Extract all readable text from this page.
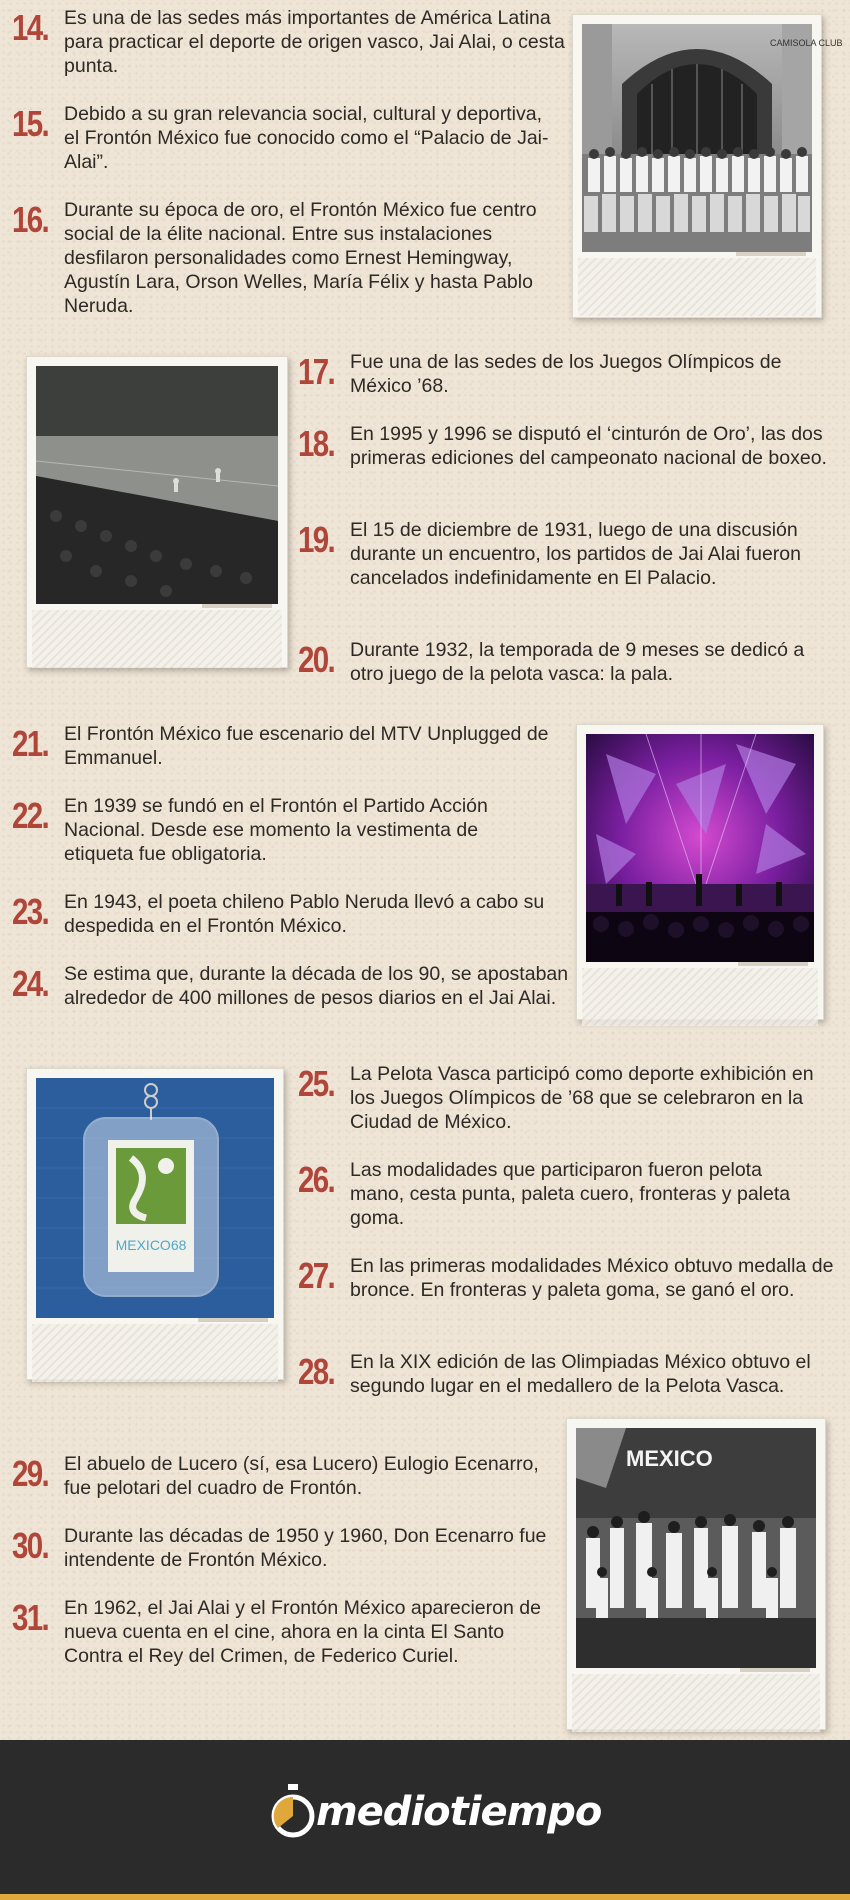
14. Es una de las sedes más importantes de América Latina para practicar el deporte de origen vasco, Jai Alai, o cesta punta.
15. Debido a su gran relevancia social, cultural y deportiva, el Frontón México fue conocido como el “Palacio de Jai-Alai”.
16. Durante su época de oro, el Frontón México fue centro social de la élite nacional. Entre sus instalaciones desfilaron personalidades como Ernest Hemingway, Agustín Lara, Orson Welles, María Félix y hasta Pablo Neruda.
CAMISOLA CLUB
17. Fue una de las sedes de los Juegos Olímpicos de México ’68.
18. En 1995 y 1996 se disputó el ‘cinturón de Oro’, las dos primeras ediciones del campeonato nacional de boxeo.
19. El 15 de diciembre de 1931, luego de una discusión durante un encuentro, los partidos de Jai Alai fueron cancelados indefinidamente en El Palacio.
20. Durante 1932, la temporada de 9 meses se dedicó a otro juego de la pelota vasca: la pala.
21. El Frontón México fue escenario del MTV Unplugged de Emmanuel.
22. En 1939 se fundó en el Frontón el Partido Acción Nacional. Desde ese momento la vestimenta de etiqueta fue obligatoria.
23. En 1943, el poeta chileno Pablo Neruda llevó a cabo su despedida en el Frontón México.
24. Se estima que, durante la década de los 90, se apostaban alrededor de 400 millones de pesos diarios en el Jai Alai.
MEXICO68
25. La Pelota Vasca participó como deporte exhibición en los Juegos Olímpicos de ’68 que se celebraron en la Ciudad de México.
26. Las modalidades que participaron fueron pelota mano, cesta punta, paleta cuero, fronteras y paleta goma.
27. En las primeras modalidades México obtuvo medalla de bronce. En fronteras y paleta goma, se ganó el oro.
28. En la XIX edición de las Olimpiadas México obtuvo el segundo lugar en el medallero de la Pelota Vasca.
29. El abuelo de Lucero (sí, esa Lucero) Eulogio Ecenarro, fue pelotari del cuadro de Frontón.
30. Durante las décadas de 1950 y 1960, Don Ecenarro fue intendente de Frontón México.
31. En 1962, el Jai Alai y el Frontón México aparecieron de nueva cuenta en el cine, ahora en la cinta El Santo Contra el Rey del Crimen, de Federico Curiel.
MEXICO
mediotiempo
